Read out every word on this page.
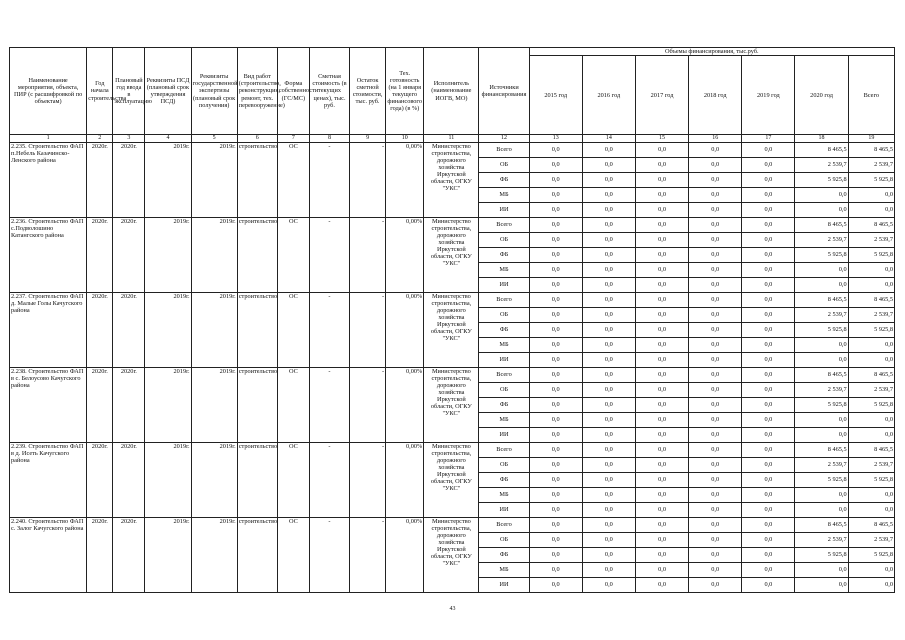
Наименование мероприятия, объекта, ПИР (с расшифровкой по объектам)	Год начала строительства	Плановый год ввода в эксплуатацию	Реквизиты ПСД (плановый срок утверждения ПСД)	Реквизиты государственной экспертизы (плановый срок получения)	Вид работ (строительство, реконструкция, ремонт, тех. перевооружение)	Форма собственности (ГС/МС)	Сметная стоимость (в текущих ценах), тыс. руб.	Остаток сметной стоимости, тыс. руб.	Тех. готовность (на 1 января текущего финансового года) (в %)	Исполнитель (наименование ИОГВ, МО)	Источники финансирования	Объемы финансирования, тыс.руб.						
												2015 год	2016 год	2017 год	2018 год	2019 год	2020 год	Всего
1	2	3	4	5	6	7	8	9	10	11	12	13	14	15	16	17	18	19
2.235. Строительство ФАП п.Небель Казачинско-Ленского района	2020г.	2020г.	2019г.	2019г.	строительство	ОС	-	-	0,00%	Министерство строительства, дорожного хозяйства Иркутской области, ОГКУ "УКС"	Всего	0,0	0,0	0,0	0,0	0,0	8 465,5	8 465,5
											ОБ	0,0	0,0	0,0	0,0	0,0	2 539,7	2 539,7
											ФБ	0,0	0,0	0,0	0,0	0,0	5 925,8	5 925,8
											МБ	0,0	0,0	0,0	0,0	0,0	0,0	0,0
											ИИ	0,0	0,0	0,0	0,0	0,0	0,0	0,0
2.236. Строительство ФАП с.Подволошино Катангского района	2020г.	2020г.	2019г.	2019г.	строительство	ОС	-	-	0,00%	Министерство строительства, дорожного хозяйства Иркутской области, ОГКУ "УКС"	Всего	0,0	0,0	0,0	0,0	0,0	8 465,5	8 465,5
											ОБ	0,0	0,0	0,0	0,0	0,0	2 539,7	2 539,7
											ФБ	0,0	0,0	0,0	0,0	0,0	5 925,8	5 925,8
											МБ	0,0	0,0	0,0	0,0	0,0	0,0	0,0
											ИИ	0,0	0,0	0,0	0,0	0,0	0,0	0,0
2.237. Строительство ФАП д. Малые Голы Качугского района	2020г.	2020г.	2019г.	2019г.	строительство	ОС	-	-	0,00%	Министерство строительства, дорожного хозяйства Иркутской области, ОГКУ "УКС"	Всего	0,0	0,0	0,0	0,0	0,0	8 465,5	8 465,5
											ОБ	0,0	0,0	0,0	0,0	0,0	2 539,7	2 539,7
											ФБ	0,0	0,0	0,0	0,0	0,0	5 925,8	5 925,8
											МБ	0,0	0,0	0,0	0,0	0,0	0,0	0,0
											ИИ	0,0	0,0	0,0	0,0	0,0	0,0	0,0
2.238. Строительство ФАП в с. Белоусово Качугского района	2020г.	2020г.	2019г.	2019г.	строительство	ОС	-	-	0,00%	Министерство строительства, дорожного хозяйства Иркутской области, ОГКУ "УКС"	Всего	0,0	0,0	0,0	0,0	0,0	8 465,5	8 465,5
											ОБ	0,0	0,0	0,0	0,0	0,0	2 539,7	2 539,7
											ФБ	0,0	0,0	0,0	0,0	0,0	5 925,8	5 925,8
											МБ	0,0	0,0	0,0	0,0	0,0	0,0	0,0
											ИИ	0,0	0,0	0,0	0,0	0,0	0,0	0,0
2.239. Строительство ФАП в д. Исеть Качугского района	2020г.	2020г.	2019г.	2019г.	строительство	ОС	-	-	0,00%	Министерство строительства, дорожного хозяйства Иркутской области, ОГКУ "УКС"	Всего	0,0	0,0	0,0	0,0	0,0	8 465,5	8 465,5
											ОБ	0,0	0,0	0,0	0,0	0,0	2 539,7	2 539,7
											ФБ	0,0	0,0	0,0	0,0	0,0	5 925,8	5 925,8
											МБ	0,0	0,0	0,0	0,0	0,0	0,0	0,0
											ИИ	0,0	0,0	0,0	0,0	0,0	0,0	0,0
2.240. Строительство ФАП с. Залог Качугского района	2020г.	2020г.	2019г.	2019г.	строительство	ОС	-	-	0,00%	Министерство строительства, дорожного хозяйства Иркутской области, ОГКУ "УКС"	Всего	0,0	0,0	0,0	0,0	0,0	8 465,5	8 465,5
											ОБ	0,0	0,0	0,0	0,0	0,0	2 539,7	2 539,7
											ФБ	0,0	0,0	0,0	0,0	0,0	5 925,8	5 925,8
											МБ	0,0	0,0	0,0	0,0	0,0	0,0	0,0
											ИИ	0,0	0,0	0,0	0,0	0,0	0,0	0,0
43
